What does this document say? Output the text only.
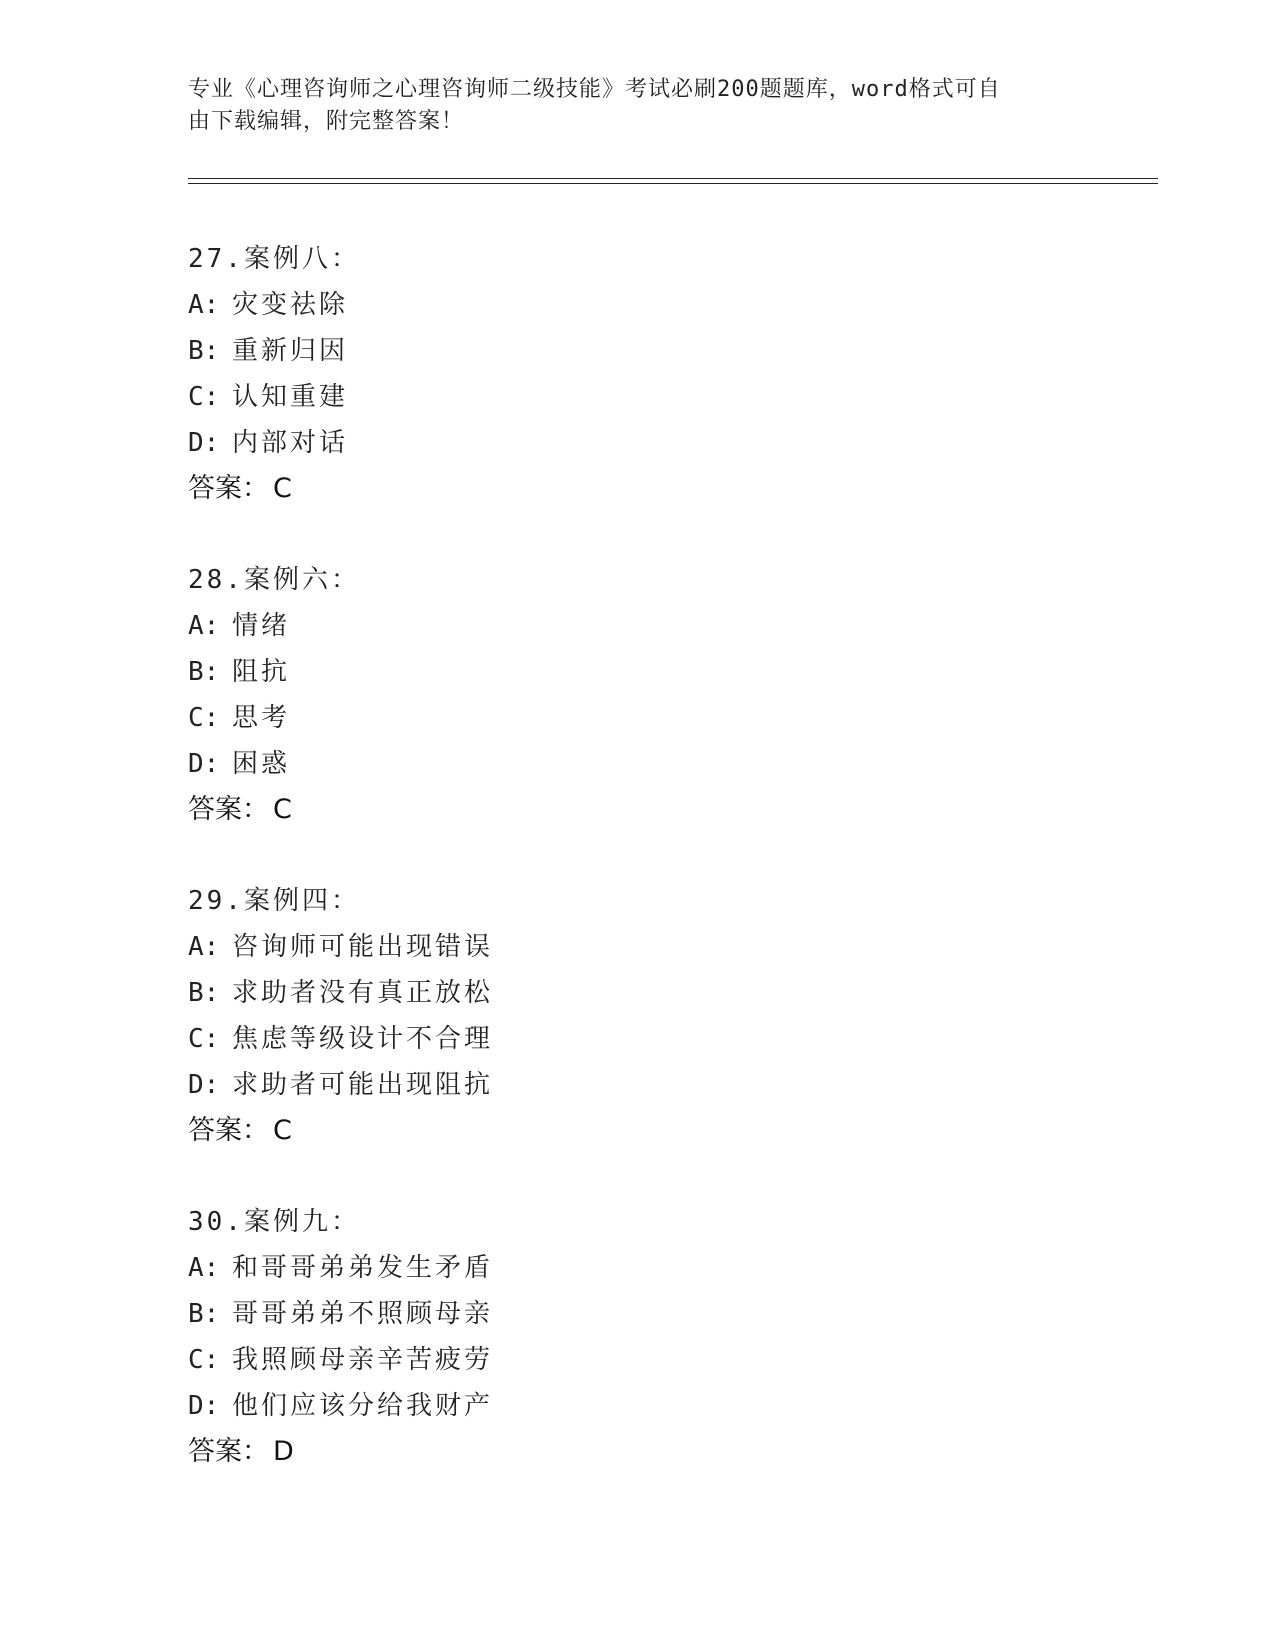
专业《心理咨询师之心理咨询师二级技能》考试必刷200题题库，word格式可自
由下载编辑，附完整答案！
27.案例八：
A: 灾变祛除
B: 重新归因
C: 认知重建
D: 内部对话
答案： C
28.案例六：
A: 情绪
B: 阻抗
C: 思考
D: 困惑
答案： C
29.案例四：
A: 咨询师可能出现错误
B: 求助者没有真正放松
C: 焦虑等级设计不合理
D: 求助者可能出现阻抗
答案： C
30.案例九：
A: 和哥哥弟弟发生矛盾
B: 哥哥弟弟不照顾母亲
C: 我照顾母亲辛苦疲劳
D: 他们应该分给我财产
答案： D
